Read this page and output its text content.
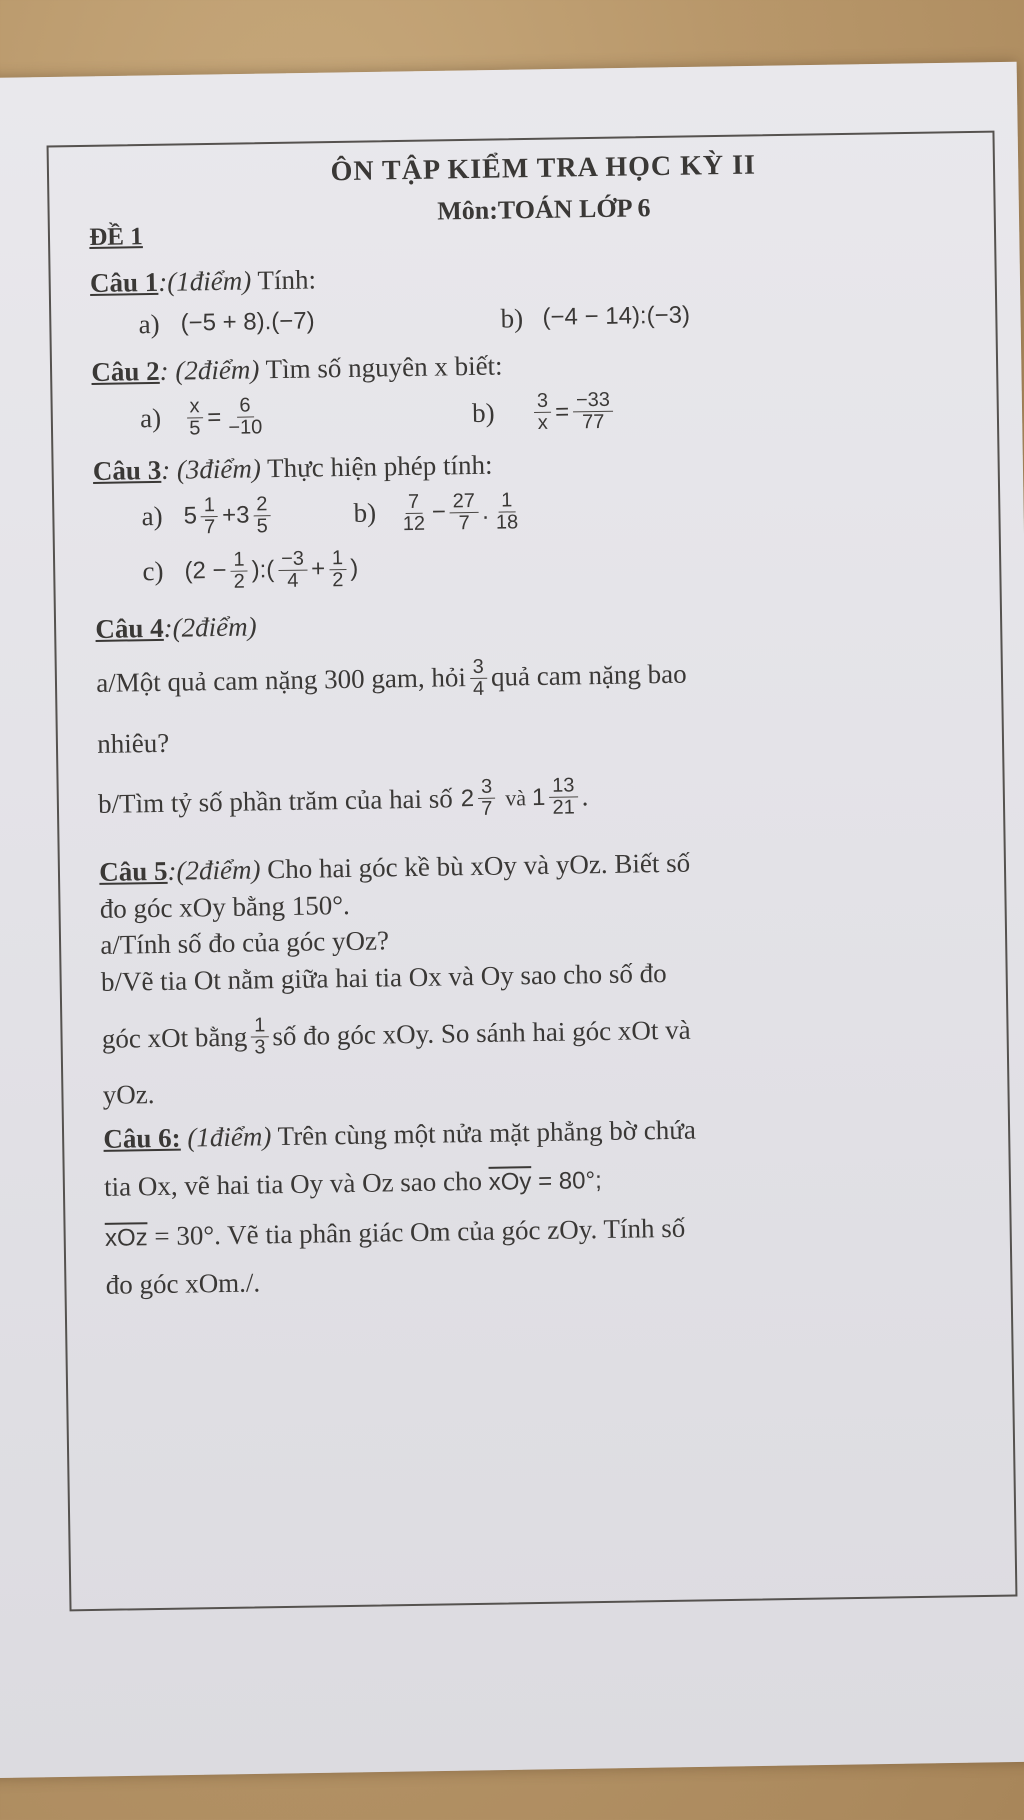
ÔN TẬP KIỂM TRA HỌC KỲ II
Môn:TOÁN LỚP 6
ĐỀ 1
Câu 1:(1điểm) Tính:
a) (−5 + 8).(−7)	b) (−4 − 14):(−3)
Câu 2: (2điểm) Tìm số nguyên x biết:
a)	$\frac{x}{5} = \frac{6}{-10}$	b)	$\frac{3}{x} = \frac{-33}{77}$
Câu 3: (3điểm) Thực hiện phép tính:
a) $5 \frac{1}{7} + 3 \frac{2}{5}$	b)	$\frac{7}{12} - \frac{27}{7}$ . $\frac{1}{18}$
c) ($2 - \frac{1}{2}$ ):( $\frac{-3}{4} + \frac{1}{2}$ )
Câu 4:(2điểm)
a/Một quả cam nặng 300 gam, hỏi $\frac{3}{4}$ quả cam nặng bao
nhiêu?
b/Tìm tỷ số phần trăm của hai số $2 \frac{3}{7}$ và $1 \frac{13}{21}$ .
Câu 5:(2điểm) Cho hai góc kề bù xOy và yOz. Biết số
đo góc xOy bằng 150°.
a/Tính số đo của góc yOz?
b/Vẽ tia Ot nằm giữa hai tia Ox và Oy sao cho số đo
góc xOt bằng $\frac{1}{3}$ số đo góc xOy. So sánh hai góc xOt và
yOz.
Câu 6: (1điểm) Trên cùng một nửa mặt phẳng bờ chứa
tia Ox, vẽ hai tia Oy và Oz sao cho $\overline{xOy} = 80^\circ$;
$\overline{xOz} = 30^\circ$. Vẽ tia phân giác Om của góc zOy. Tính số
đo góc xOm./.
